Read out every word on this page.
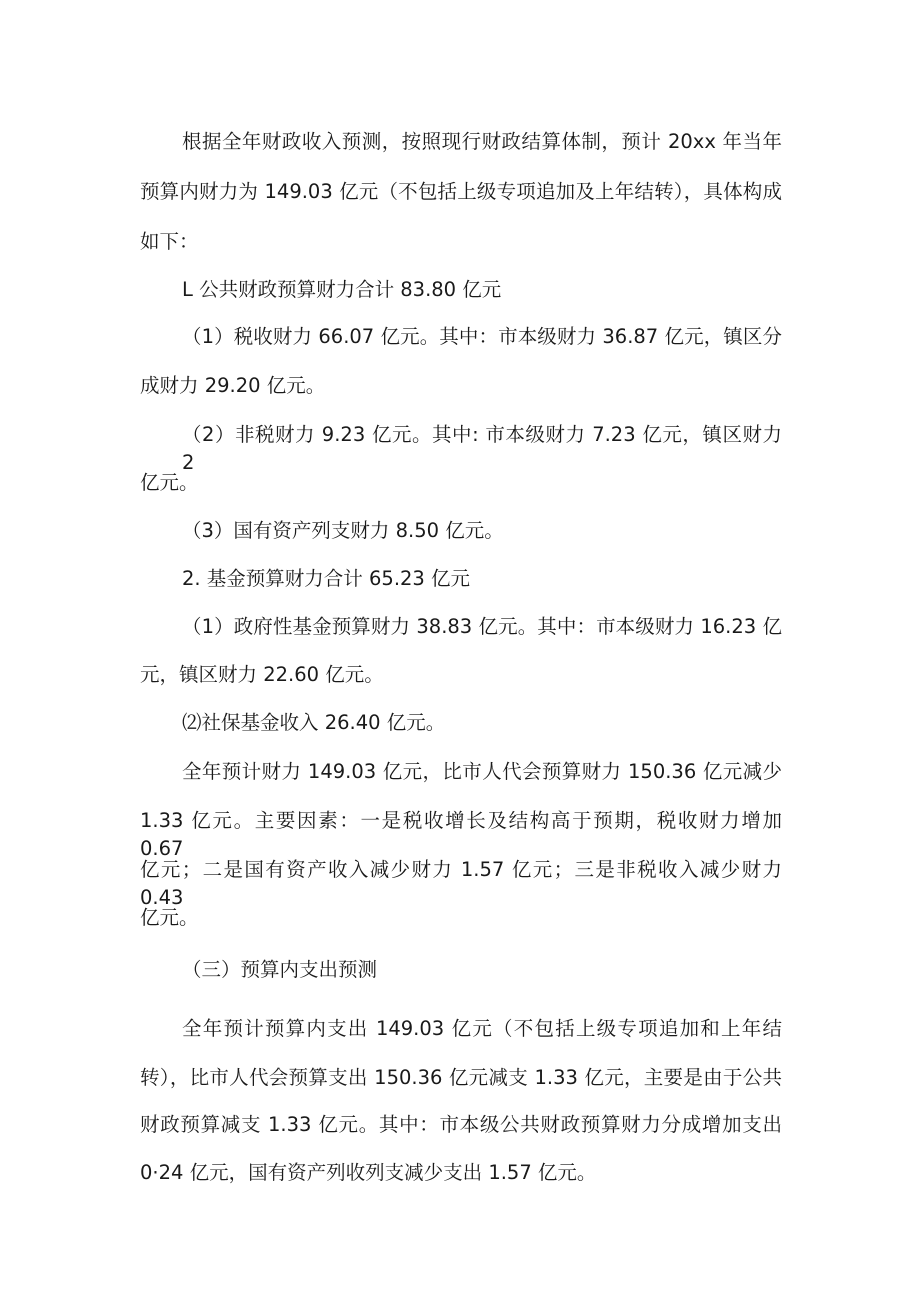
根据全年财政收入预测，按照现行财政结算体制，预计 20xx 年当年

预算内财力为 149.03 亿元（不包括上级专项追加及上年结转），具体构成

如下：

L 公共财政预算财力合计 83.80 亿元

（1）税收财力 66.07 亿元。其中：市本级财力 36.87 亿元，镇区分

成财力 29.20 亿元。

（2）非税财力 9.23 亿元。其中: 市本级财力 7.23 亿元，镇区财力 2

亿元。

（3）国有资产列支财力 8.50 亿元。

2. 基金预算财力合计 65.23 亿元

（1）政府性基金预算财力 38.83 亿元。其中：市本级财力 16.23 亿

元，镇区财力 22.60 亿元。

⑵社保基金收入 26.40 亿元。

全年预计财力 149.03 亿元，比市人代会预算财力 150.36 亿元减少

1.33 亿元。主要因素：一是税收增长及结构高于预期，税收财力增加 0.67

亿元；二是国有资产收入减少财力 1.57 亿元；三是非税收入减少财力 0.43

亿元。

（三）预算内支出预测

全年预计预算内支出 149.03 亿元（不包括上级专项追加和上年结

转），比市人代会预算支出 150.36 亿元减支 1.33 亿元，主要是由于公共

财政预算减支 1.33 亿元。其中：市本级公共财政预算财力分成增加支出

0·24 亿元，国有资产列收列支减少支出 1.57 亿元。
